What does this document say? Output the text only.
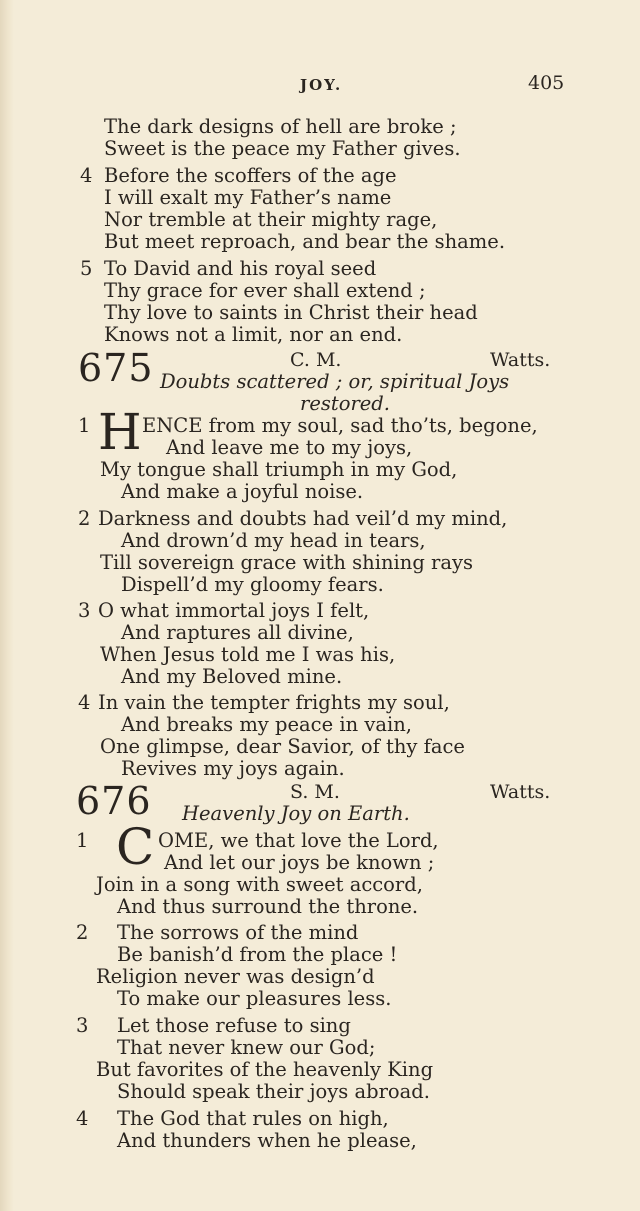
JOY.	405
The dark designs of hell are broke ;
Sweet is the peace my Father gives.
4 Before the scoffers of the age
I will exalt my Father’s name
Nor tremble at their mighty rage,
But meet reproach, and bear the shame.
5 To David and his royal seed
Thy grace for ever shall extend ;
Thy love to saints in Christ their head
Knows not a limit, nor an end.
675	C. M.	Watts.
Doubts scattered ; or, spiritual Joys
restored.
1 H ENCE from my soul, sad tho’ts, begone,
And leave me to my joys,
My tongue shall triumph in my God,
And make a joyful noise.
2 Darkness and doubts had veil’d my mind,
And drown’d my head in tears,
Till sovereign grace with shining rays
Dispell’d my gloomy fears.
3 O what immortal joys I felt,
And raptures all divine,
When Jesus told me I was his,
And my Beloved mine.
4 In vain the tempter frights my soul,
And breaks my peace in vain,
One glimpse, dear Savior, of thy face
Revives my joys again.
676	S. M.	Watts.
Heavenly Joy on Earth.
1 C OME, we that love the Lord,
And let our joys be known ;
Join in a song with sweet accord,
And thus surround the throne.
2 The sorrows of the mind
Be banish’d from the place !
Religion never was design’d
To make our pleasures less.
3 Let those refuse to sing
That never knew our God;
But favorites of the heavenly King
Should speak their joys abroad.
4 The God that rules on high,
And thunders when he please,
